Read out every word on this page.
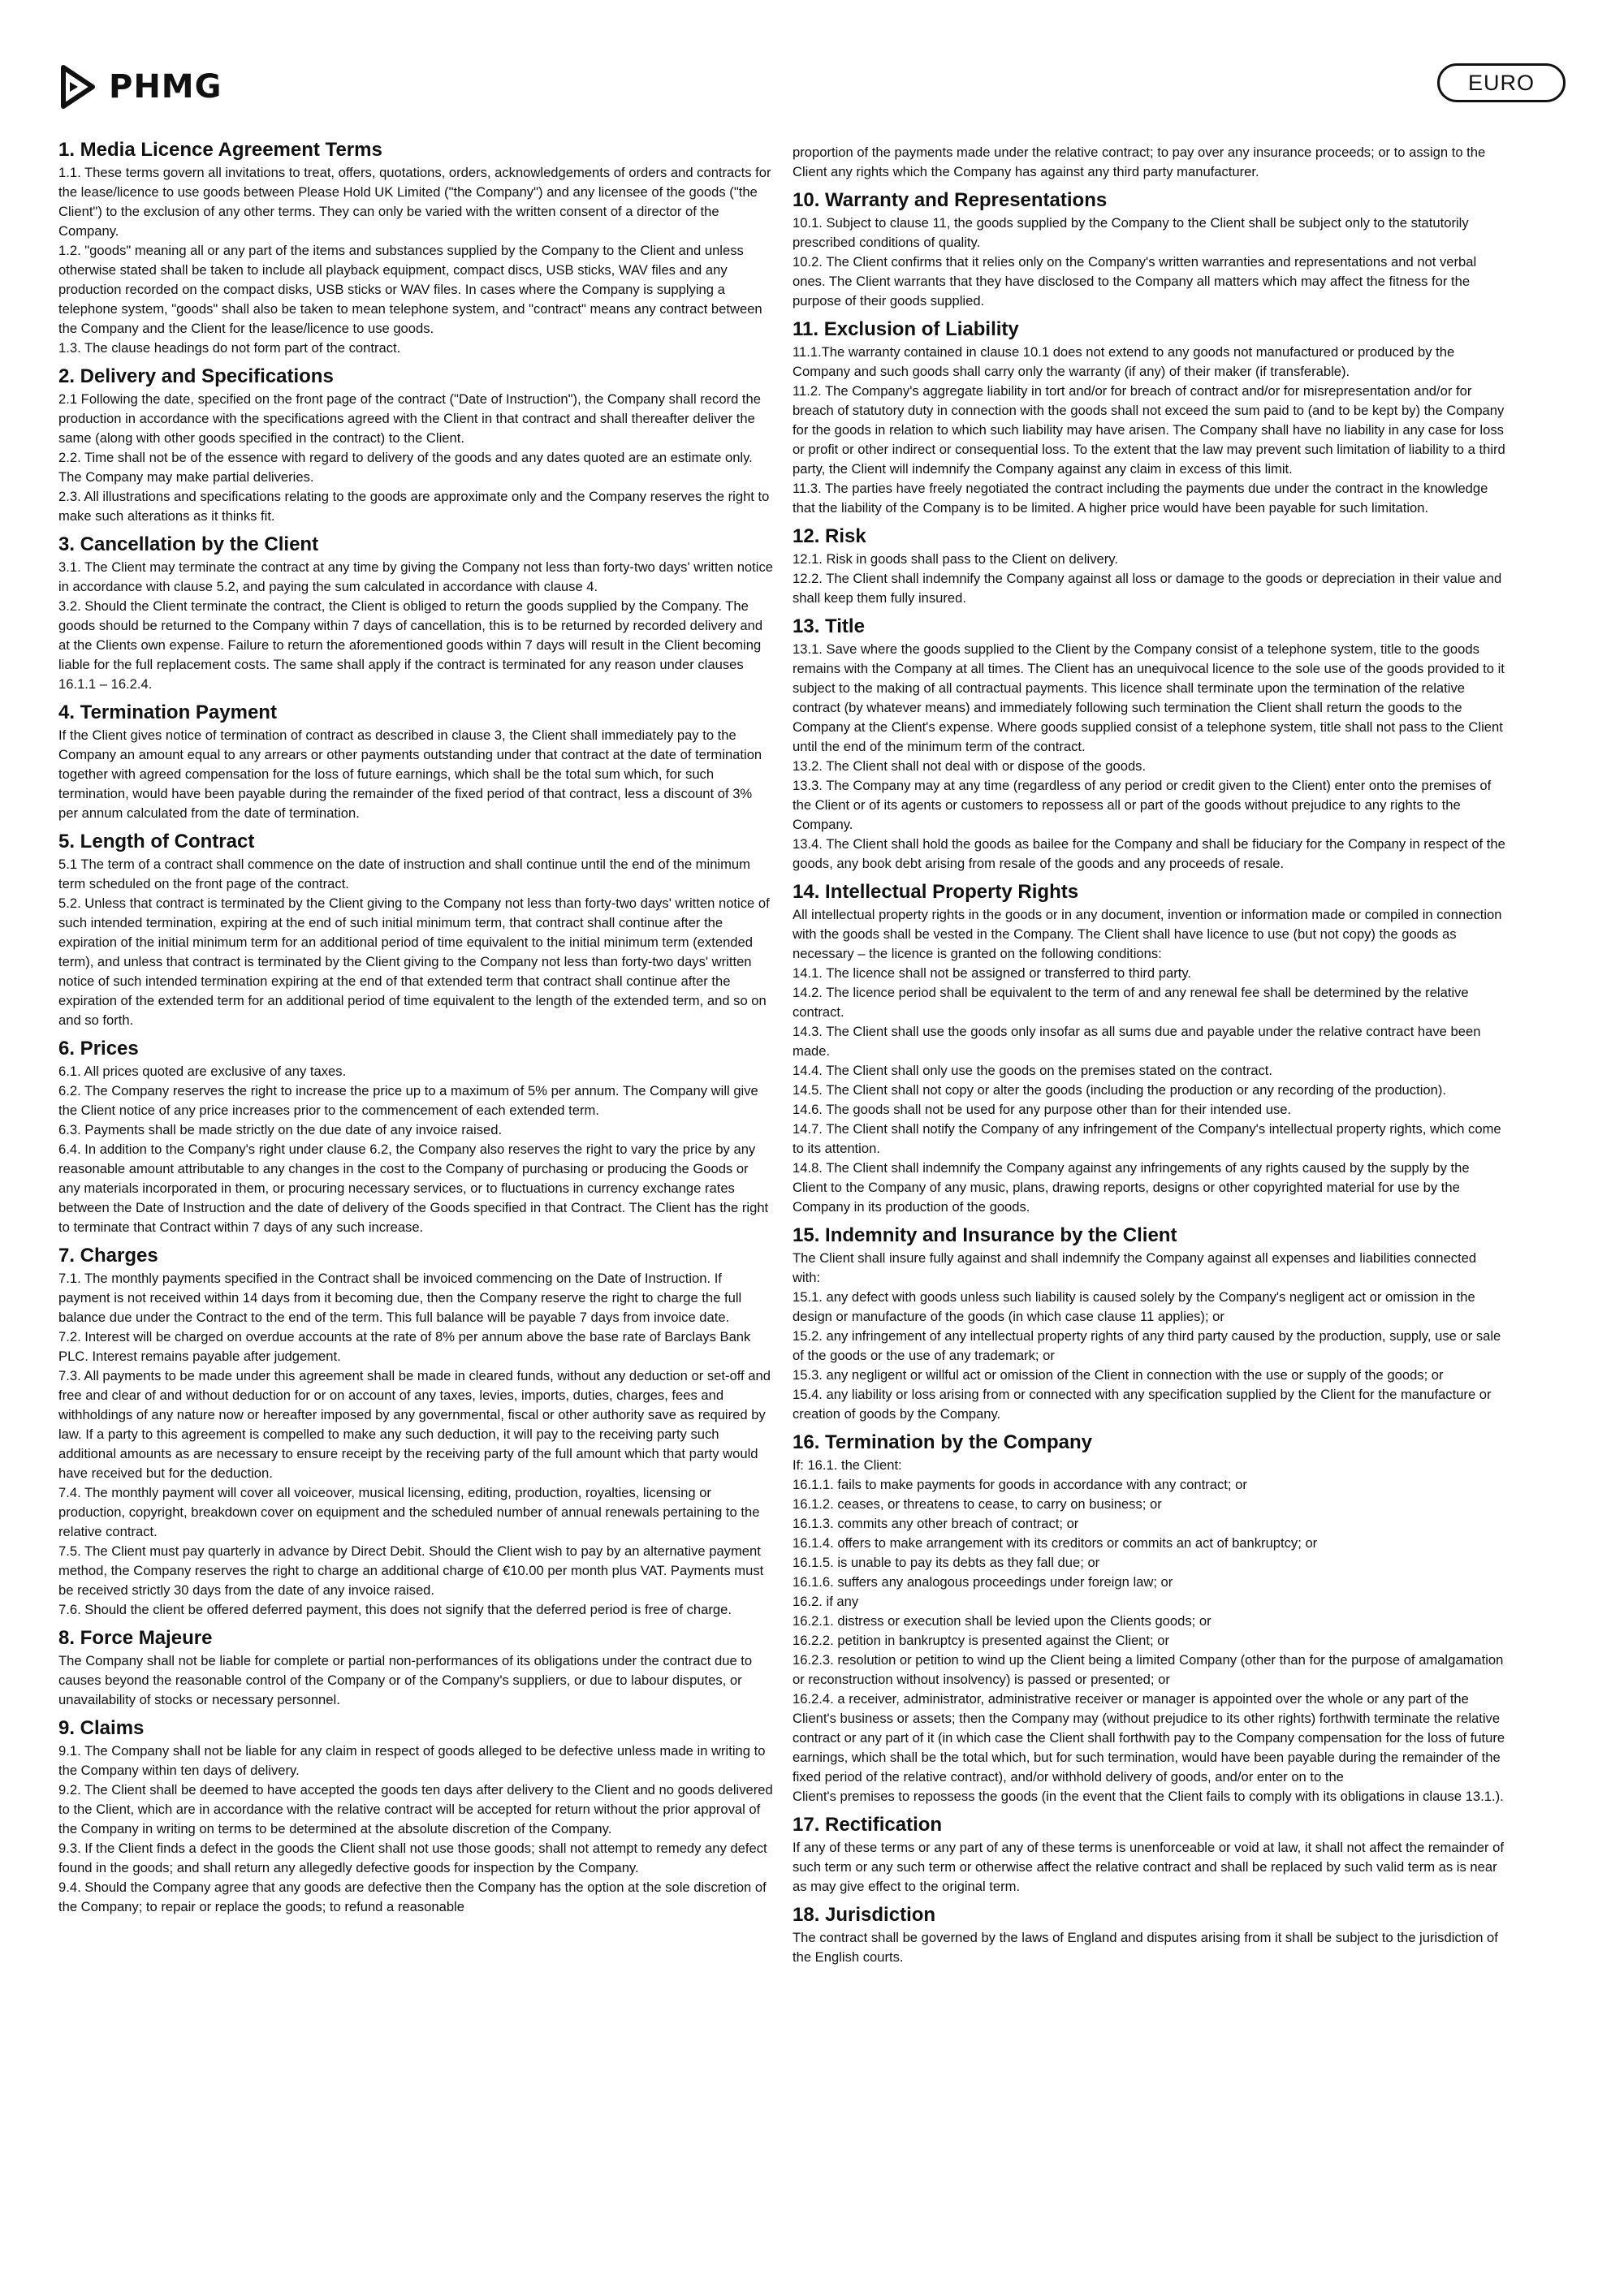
PHMG	EURO
1. Media Licence Agreement Terms

1.1. These terms govern all invitations to treat, offers, quotations, orders, acknowledgements of orders and contracts for the lease/licence to use goods between Please Hold UK Limited ("the Company") and any licensee of the goods ("the Client") to the exclusion of any other terms. They can only be varied with the written consent of a director of the Company.

1.2. "goods" meaning all or any part of the items and substances supplied by the Company to the Client and unless otherwise stated shall be taken to include all playback equipment, compact discs, USB sticks, WAV files and any production recorded on the compact disks, USB sticks or WAV files. In cases where the Company is supplying a telephone system, "goods" shall also be taken to mean telephone system, and "contract" means any contract between the Company and the Client for the lease/licence to use goods.

1.3. The clause headings do not form part of the contract.

2. Delivery and Specifications

2.1 Following the date, specified on the front page of the contract ("Date of Instruction"), the Company shall record the production in accordance with the specifications agreed with the Client in that contract and shall thereafter deliver the same (along with other goods specified in the contract) to the Client.

2.2. Time shall not be of the essence with regard to delivery of the goods and any dates quoted are an estimate only. The Company may make partial deliveries.

2.3. All illustrations and specifications relating to the goods are approximate only and the Company reserves the right to make such alterations as it thinks fit.

3. Cancellation by the Client

3.1. The Client may terminate the contract at any time by giving the Company not less than forty-two days' written notice in accordance with clause 5.2, and paying the sum calculated in accordance with clause 4.

3.2. Should the Client terminate the contract, the Client is obliged to return the goods supplied by the Company. The goods should be returned to the Company within 7 days of cancellation, this is to be returned by recorded delivery and at the Clients own expense. Failure to return the aforementioned goods within 7 days will result in the Client becoming liable for the full replacement costs. The same shall apply if the contract is terminated for any reason under clauses 16.1.1 – 16.2.4.

4. Termination Payment

If the Client gives notice of termination of contract as described in clause 3, the Client shall immediately pay to the Company an amount equal to any arrears or other payments outstanding under that contract at the date of termination together with agreed compensation for the loss of future earnings, which shall be the total sum which, for such termination, would have been payable during the remainder of the fixed period of that contract, less a discount of 3% per annum calculated from the date of termination.

5. Length of Contract

5.1 The term of a contract shall commence on the date of instruction and shall continue until the end of the minimum term scheduled on the front page of the contract.

5.2. Unless that contract is terminated by the Client giving to the Company not less than forty-two days' written notice of such intended termination, expiring at the end of such initial minimum term, that contract shall continue after the expiration of the initial minimum term for an additional period of time equivalent to the initial minimum term (extended term), and unless that contract is terminated by the Client giving to the Company not less than forty-two days' written notice of such intended termination expiring at the end of that extended term that contract shall continue after the expiration of the extended term for an additional period of time equivalent to the length of the extended term, and so on and so forth.

6. Prices

6.1. All prices quoted are exclusive of any taxes.

6.2. The Company reserves the right to increase the price up to a maximum of 5% per annum. The Company will give the Client notice of any price increases prior to the commencement of each extended term.

6.3. Payments shall be made strictly on the due date of any invoice raised.

6.4. In addition to the Company's right under clause 6.2, the Company also reserves the right to vary the price by any reasonable amount attributable to any changes in the cost to the Company of purchasing or producing the Goods or any materials incorporated in them, or procuring necessary services, or to fluctuations in currency exchange rates between the Date of Instruction and the date of delivery of the Goods specified in that Contract. The Client has the right to terminate that Contract within 7 days of any such increase.

7. Charges

7.1. The monthly payments specified in the Contract shall be invoiced commencing on the Date of Instruction. If payment is not received within 14 days from it becoming due, then the Company reserve the right to charge the full balance due under the Contract to the end of the term. This full balance will be payable 7 days from invoice date.

7.2. Interest will be charged on overdue accounts at the rate of 8% per annum above the base rate of Barclays Bank PLC. Interest remains payable after judgement.

7.3. All payments to be made under this agreement shall be made in cleared funds, without any deduction or set-off and free and clear of and without deduction for or on account of any taxes, levies, imports, duties, charges, fees and withholdings of any nature now or hereafter imposed by any governmental, fiscal or other authority save as required by law. If a party to this agreement is compelled to make any such deduction, it will pay to the receiving party such additional amounts as are necessary to ensure receipt by the receiving party of the full amount which that party would have received but for the deduction.

7.4. The monthly payment will cover all voiceover, musical licensing, editing, production, royalties, licensing or production, copyright, breakdown cover on equipment and the scheduled number of annual renewals pertaining to the relative contract.

7.5. The Client must pay quarterly in advance by Direct Debit. Should the Client wish to pay by an alternative payment method, the Company reserves the right to charge an additional charge of €10.00 per month plus VAT. Payments must be received strictly 30 days from the date of any invoice raised.

7.6. Should the client be offered deferred payment, this does not signify that the deferred period is free of charge.

8. Force Majeure

The Company shall not be liable for complete or partial non-performances of its obligations under the contract due to causes beyond the reasonable control of the Company or of the Company's suppliers, or due to labour disputes, or unavailability of stocks or necessary personnel.

9. Claims

9.1. The Company shall not be liable for any claim in respect of goods alleged to be defective unless made in writing to the Company within ten days of delivery.

9.2. The Client shall be deemed to have accepted the goods ten days after delivery to the Client and no goods delivered to the Client, which are in accordance with the relative contract will be accepted for return without the prior approval of the Company in writing on terms to be determined at the absolute discretion of the Company.

9.3. If the Client finds a defect in the goods the Client shall not use those goods; shall not attempt to remedy any defect found in the goods; and shall return any allegedly defective goods for inspection by the Company.

9.4. Should the Company agree that any goods are defective then the Company has the option at the sole discretion of the Company; to repair or replace the goods; to refund a reasonable

proportion of the payments made under the relative contract; to pay over any insurance proceeds; or to assign to the Client any rights which the Company has against any third party manufacturer.

10. Warranty and Representations

10.1. Subject to clause 11, the goods supplied by the Company to the Client shall be subject only to the statutorily prescribed conditions of quality.

10.2. The Client confirms that it relies only on the Company's written warranties and representations and not verbal ones. The Client warrants that they have disclosed to the Company all matters which may affect the fitness for the purpose of their goods supplied.

11. Exclusion of Liability

11.1.The warranty contained in clause 10.1 does not extend to any goods not manufactured or produced by the Company and such goods shall carry only the warranty (if any) of their maker (if transferable).

11.2. The Company's aggregate liability in tort and/or for breach of contract and/or for misrepresentation and/or for breach of statutory duty in connection with the goods shall not exceed the sum paid to (and to be kept by) the Company for the goods in relation to which such liability may have arisen. The Company shall have no liability in any case for loss or profit or other indirect or consequential loss. To the extent that the law may prevent such limitation of liability to a third party, the Client will indemnify the Company against any claim in excess of this limit.

11.3. The parties have freely negotiated the contract including the payments due under the contract in the knowledge that the liability of the Company is to be limited. A higher price would have been payable for such limitation.

12. Risk

12.1. Risk in goods shall pass to the Client on delivery.

12.2. The Client shall indemnify the Company against all loss or damage to the goods or depreciation in their value and shall keep them fully insured.

13. Title

13.1. Save where the goods supplied to the Client by the Company consist of a telephone system, title to the goods remains with the Company at all times. The Client has an unequivocal licence to the sole use of the goods provided to it subject to the making of all contractual payments. This licence shall terminate upon the termination of the relative contract (by whatever means) and immediately following such termination the Client shall return the goods to the Company at the Client's expense. Where goods supplied consist of a telephone system, title shall not pass to the Client until the end of the minimum term of the contract.

13.2. The Client shall not deal with or dispose of the goods.

13.3. The Company may at any time (regardless of any period or credit given to the Client) enter onto the premises of the Client or of its agents or customers to repossess all or part of the goods without prejudice to any rights to the Company.

13.4. The Client shall hold the goods as bailee for the Company and shall be fiduciary for the Company in respect of the goods, any book debt arising from resale of the goods and any proceeds of resale.

14. Intellectual Property Rights

All intellectual property rights in the goods or in any document, invention or information made or compiled in connection with the goods shall be vested in the Company. The Client shall have licence to use (but not copy) the goods as necessary – the licence is granted on the following conditions:

14.1. The licence shall not be assigned or transferred to third party.

14.2. The licence period shall be equivalent to the term of and any renewal fee shall be determined by the relative contract.

14.3. The Client shall use the goods only insofar as all sums due and payable under the relative contract have been made.

14.4. The Client shall only use the goods on the premises stated on the contract.

14.5. The Client shall not copy or alter the goods (including the production or any recording of the production).

14.6. The goods shall not be used for any purpose other than for their intended use.

14.7. The Client shall notify the Company of any infringement of the Company's intellectual property rights, which come to its attention.

14.8. The Client shall indemnify the Company against any infringements of any rights caused by the supply by the Client to the Company of any music, plans, drawing reports, designs or other copyrighted material for use by the Company in its production of the goods.

15. Indemnity and Insurance by the Client

The Client shall insure fully against and shall indemnify the Company against all expenses and liabilities connected with:

15.1. any defect with goods unless such liability is caused solely by the Company's negligent act or omission in the design or manufacture of the goods (in which case clause 11 applies); or

15.2. any infringement of any intellectual property rights of any third party caused by the production, supply, use or sale of the goods or the use of any trademark; or

15.3. any negligent or willful act or omission of the Client in connection with the use or supply of the goods; or

15.4. any liability or loss arising from or connected with any specification supplied by the Client for the manufacture or creation of goods by the Company.

16. Termination by the Company

If: 16.1. the Client:

16.1.1. fails to make payments for goods in accordance with any contract; or

16.1.2. ceases, or threatens to cease, to carry on business; or

16.1.3. commits any other breach of contract; or

16.1.4. offers to make arrangement with its creditors or commits an act of bankruptcy; or

16.1.5. is unable to pay its debts as they fall due; or

16.1.6. suffers any analogous proceedings under foreign law; or

16.2. if any

16.2.1. distress or execution shall be levied upon the Clients goods; or

16.2.2. petition in bankruptcy is presented against the Client; or

16.2.3. resolution or petition to wind up the Client being a limited Company (other than for the purpose of amalgamation or reconstruction without insolvency) is passed or presented; or

16.2.4. a receiver, administrator, administrative receiver or manager is appointed over the whole or any part of the Client's business or assets; then the Company may (without prejudice to its other rights) forthwith terminate the relative contract or any part of it (in which case the Client shall forthwith pay to the Company compensation for the loss of future earnings, which shall be the total which, but for such termination, would have been payable during the remainder of the fixed period of the relative contract), and/or withhold delivery of goods, and/or enter on to the

Client's premises to repossess the goods (in the event that the Client fails to comply with its obligations in clause 13.1.).

17. Rectification

If any of these terms or any part of any of these terms is unenforceable or void at law, it shall not affect the remainder of such term or any such term or otherwise affect the relative contract and shall be replaced by such valid term as is near as may give effect to the original term.

18. Jurisdiction

The contract shall be governed by the laws of England and disputes arising from it shall be subject to the jurisdiction of the English courts.
